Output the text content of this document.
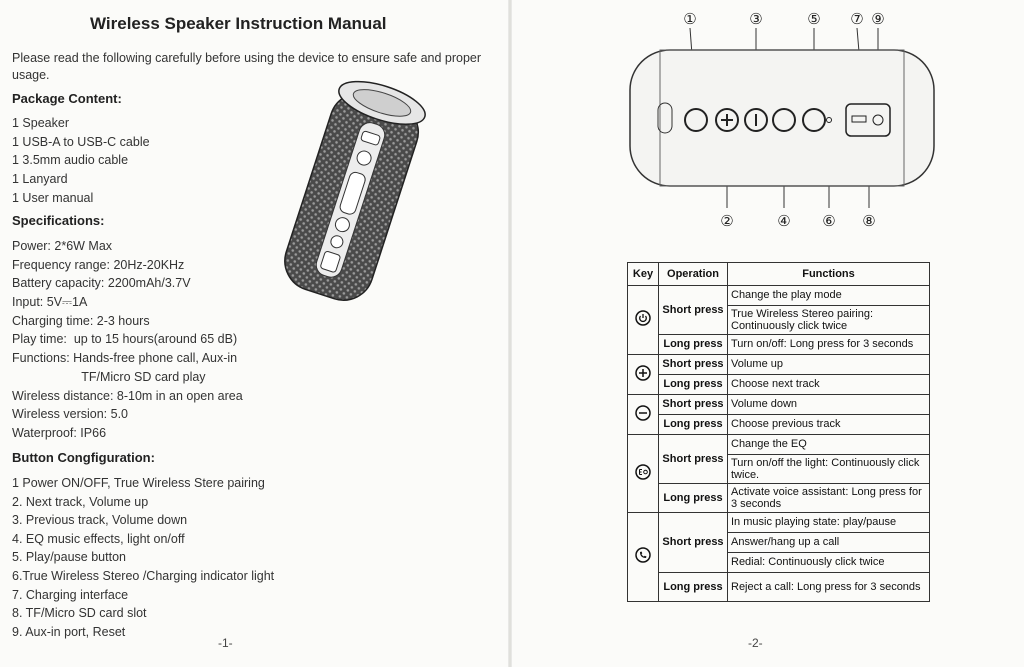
Wireless Speaker Instruction Manual
Please read the following carefully before using the device to ensure safe and proper usage.
Package Content:
1 Speaker
1 USB-A to USB-C cable
1 3.5mm audio cable
1 Lanyard
1 User manual
Specifications:
Power: 2*6W Max
Frequency range: 20Hz-20KHz
Battery capacity: 2200mAh/3.7V
Input: 5V⎓1A
Charging time: 2-3 hours
Play time:  up to 15 hours(around 65 dB)
Functions: Hands-free phone call, Aux-in
TF/Micro SD card play
Wireless distance: 8-10m in an open area
Wireless version: 5.0
Waterproof: IP66
Button Congfiguration:
1 Power ON/OFF, True Wireless Stere pairing
2. Next track, Volume up
3. Previous track, Volume down
4. EQ music effects, light on/off
5. Play/pause button
6.True Wireless Stereo /Charging indicator light
7. Charging interface
8. TF/Micro SD card slot
9. Aux-in port, Reset
-1-
①	③	⑤ ⑦ ⑨
②	④ ⑥ ⑧
Key	Operation	Functions
	Short press	Change the play mode
		True Wireless Stereo pairing: Continuously click twice
	Long press	Turn on/off: Long press for 3 seconds
	Short press	Volume up
	Long press	Choose next track
	Short press	Volume down
	Long press	Choose previous track
	Short press	Change the EQ
		Turn on/off the light: Continuously click twice.
	Long press	Activate voice assistant: Long press for 3 seconds
	Short press	In music playing state: play/pause
		Answer/hang up a call
		Redial: Continuously click twice
	Long press	Reject a call: Long press for 3 seconds
-2-
